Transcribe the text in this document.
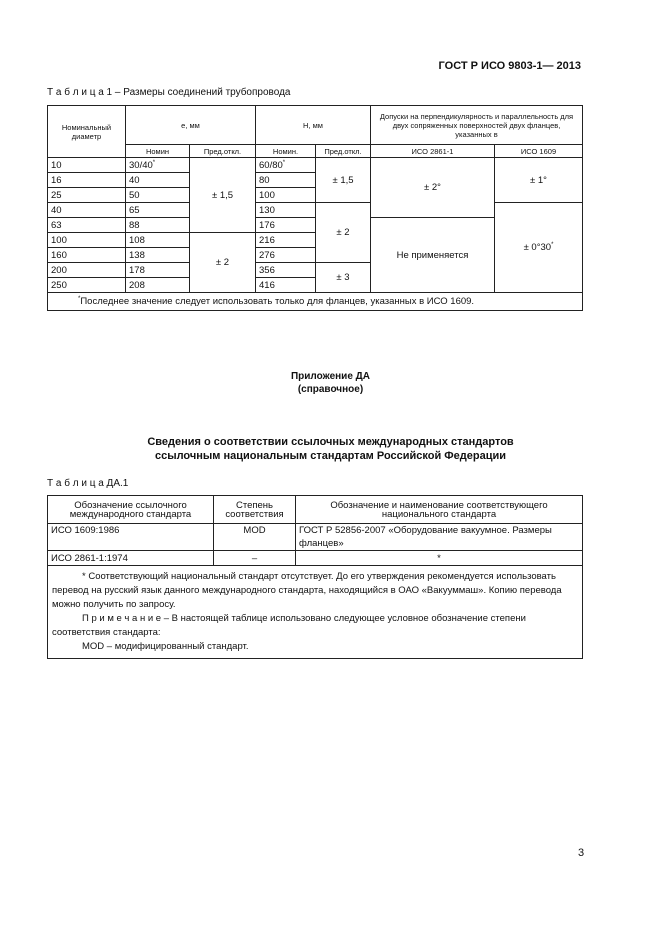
ГОСТ Р ИСО 9803-1— 2013
Т а б л и ц а 1 – Размеры соединений трубопровода
Номинальный диаметр	е, мм		Н, мм		Допуски на перпендикулярность и параллельность для двух сопряженных поверхностей двух фланцев, указанных в	
	Номин	Пред.откл.	Номин.	Пред.откл.	ИСО 2861-1	ИСО 1609
10	30/40*	± 1,5	60/80*	± 1,5	± 2°	± 1°
16	40		80			
25	50		100			
40	65		130	± 2		± 0°30*
63	88		176		Не применяется	
100	108	± 2	216			
160	138		276			
200	178		356	± 3		
250	208		416			
*Последнее значение следует использовать только для фланцев, указанных в ИСО 1609.						
Приложение ДА
(справочное)
Сведения о соответствии ссылочных международных стандартов
ссылочным национальным стандартам Российской Федерации
Т а б л и ц а ДА.1
Обозначение ссылочного международного стандарта	Степень соответствия	Обозначение и наименование соответствующего национального стандарта
ИСО 1609:1986	MOD	ГОСТ Р 52856-2007 «Оборудование вакуумное. Размеры фланцев»
ИСО 2861-1:1974	–	*

* Соответствующий национальный стандарт отсутствует. До его утверждения рекомендуется использовать перевод на русский язык данного международного стандарта, находящийся в ОАО «Вакууммаш». Копию перевода можно получить по запросу.

П р и м е ч а н и е – В настоящей таблице использовано следующее условное обозначение степени соответствия стандарта:

MOD – модифицированный стандарт.		

3
